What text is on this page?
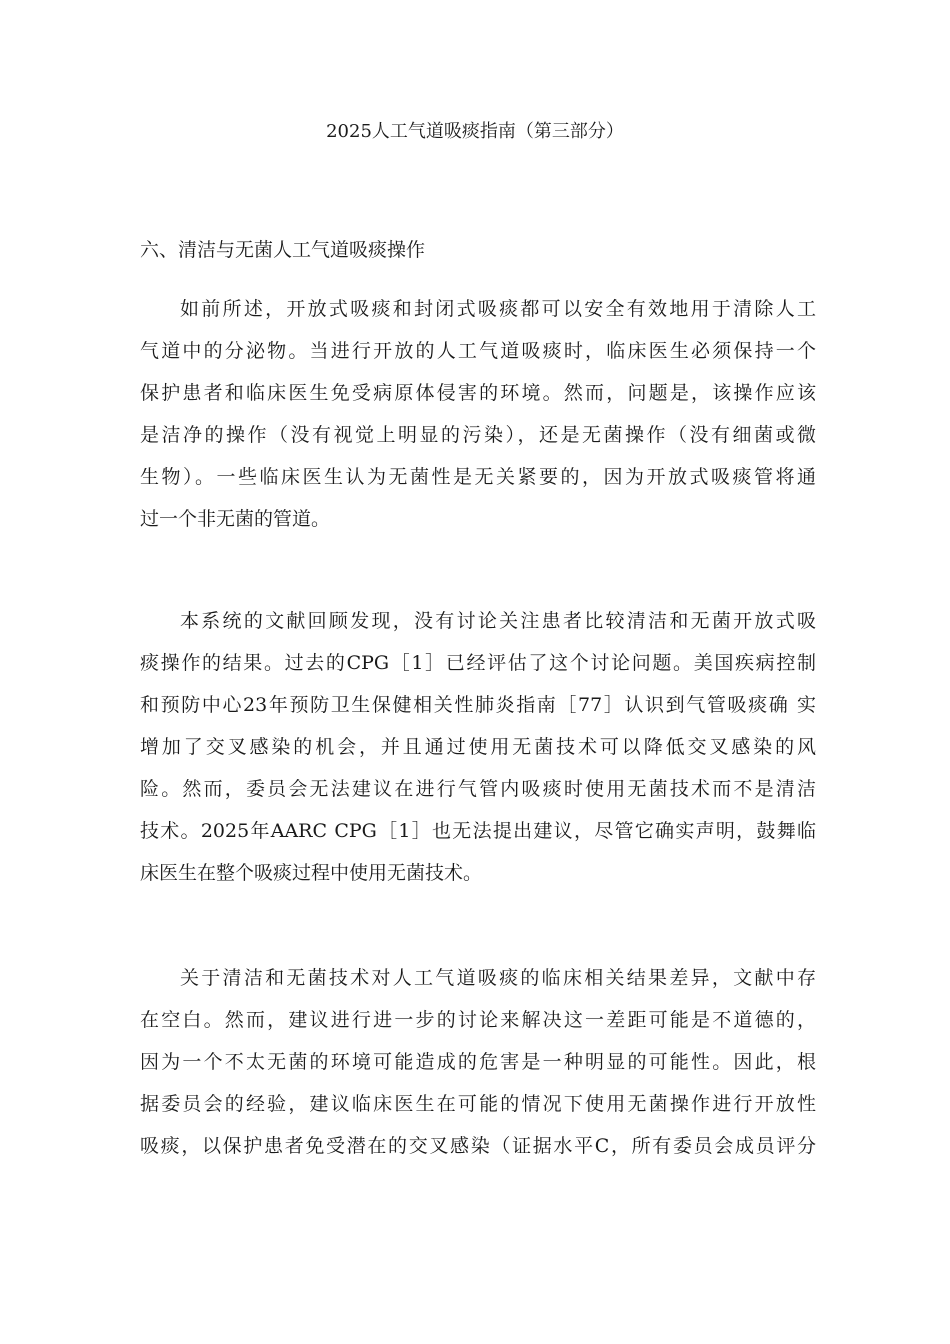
2025人工气道吸痰指南（第三部分）
六、清洁与无菌人工气道吸痰操作
如前所述，开放式吸痰和封闭式吸痰都可以安全有效地用于清除人工
气道中的分泌物。当进行开放的人工气道吸痰时，临床医生必须保持一个
保护患者和临床医生免受病原体侵害的环境。然而，问题是，该操作应该
是洁净的操作（没有视觉上明显的污染），还是无菌操作（没有细菌或微
生物）。一些临床医生认为无菌性是无关紧要的，因为开放式吸痰管将通
过一个非无菌的管道。
本系统的文献回顾发现，没有讨论关注患者比较清洁和无菌开放式吸
痰操作的结果。过去的CPG［1］已经评估了这个讨论问题。美国疾病控制
和预防中心23年预防卫生保健相关性肺炎指南［77］认识到气管吸痰确 实
增加了交叉感染的机会，并且通过使用无菌技术可以降低交叉感染的风
险。然而，委员会无法建议在进行气管内吸痰时使用无菌技术而不是清洁
技术。2025年AARC CPG［1］也无法提出建议，尽管它确实声明，鼓舞临
床医生在整个吸痰过程中使用无菌技术。
关于清洁和无菌技术对人工气道吸痰的临床相关结果差异，文献中存
在空白。然而，建议进行进一步的讨论来解决这一差距可能是不道德的，
因为一个不太无菌的环境可能造成的危害是一种明显的可能性。因此，根
据委员会的经验，建议临床医生在可能的情况下使用无菌操作进行开放性
吸痰，以保护患者免受潜在的交叉感染（证据水平C，所有委员会成员评分
